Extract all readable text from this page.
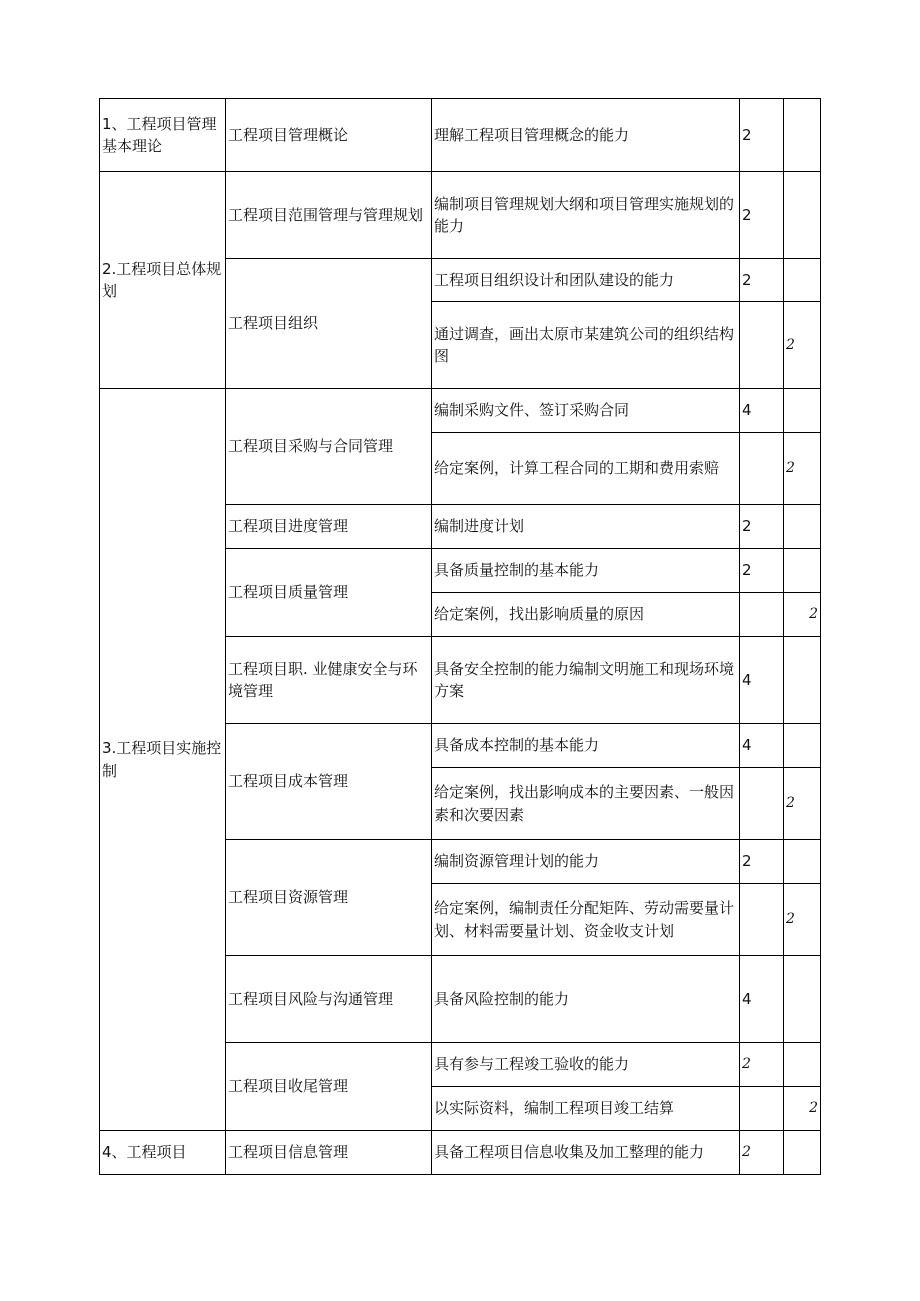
1、工程项目管理基本理论	工程项目管理概论	理解工程项目管理概念的能力	2	
2.工程项目总体规划	工程项目范围管理与管理规划	编制项目管理规划大纲和项目管理实施规划的能力	2	
	工程项目组织	工程项目组织设计和团队建设的能力	2	
		通过调查，画出太原市某建筑公司的组织结构图		2
3.工程项目实施控制	工程项目采购与合同管理	编制采购文件、签订采购合同	4	
		给定案例，计算工程合同的工期和费用索赔		2
	工程项目进度管理	编制进度计划	2	
	工程项目质量管理	具备质量控制的基本能力	2	
		给定案例，找出影响质量的原因		2
	工程项目职. 业健康安全与环境管理	具备安全控制的能力编制文明施工和现场环境方案	4	
	工程项目成本管理	具备成本控制的基本能力	4	
		给定案例，找出影响成本的主要因素、一般因素和次要因素		2
	工程项目资源管理	编制资源管理计划的能力	2	
		给定案例，编制责任分配矩阵、劳动需要量计划、材料需要量计划、资金收支计划		2
	工程项目风险与沟通管理	具备风险控制的能力	4	
	工程项目收尾管理	具有参与工程竣工验收的能力	2	
		以实际资料，编制工程项目竣工结算		2
4、工程项目	工程项目信息管理	具备工程项目信息收集及加工整理的能力	2	
